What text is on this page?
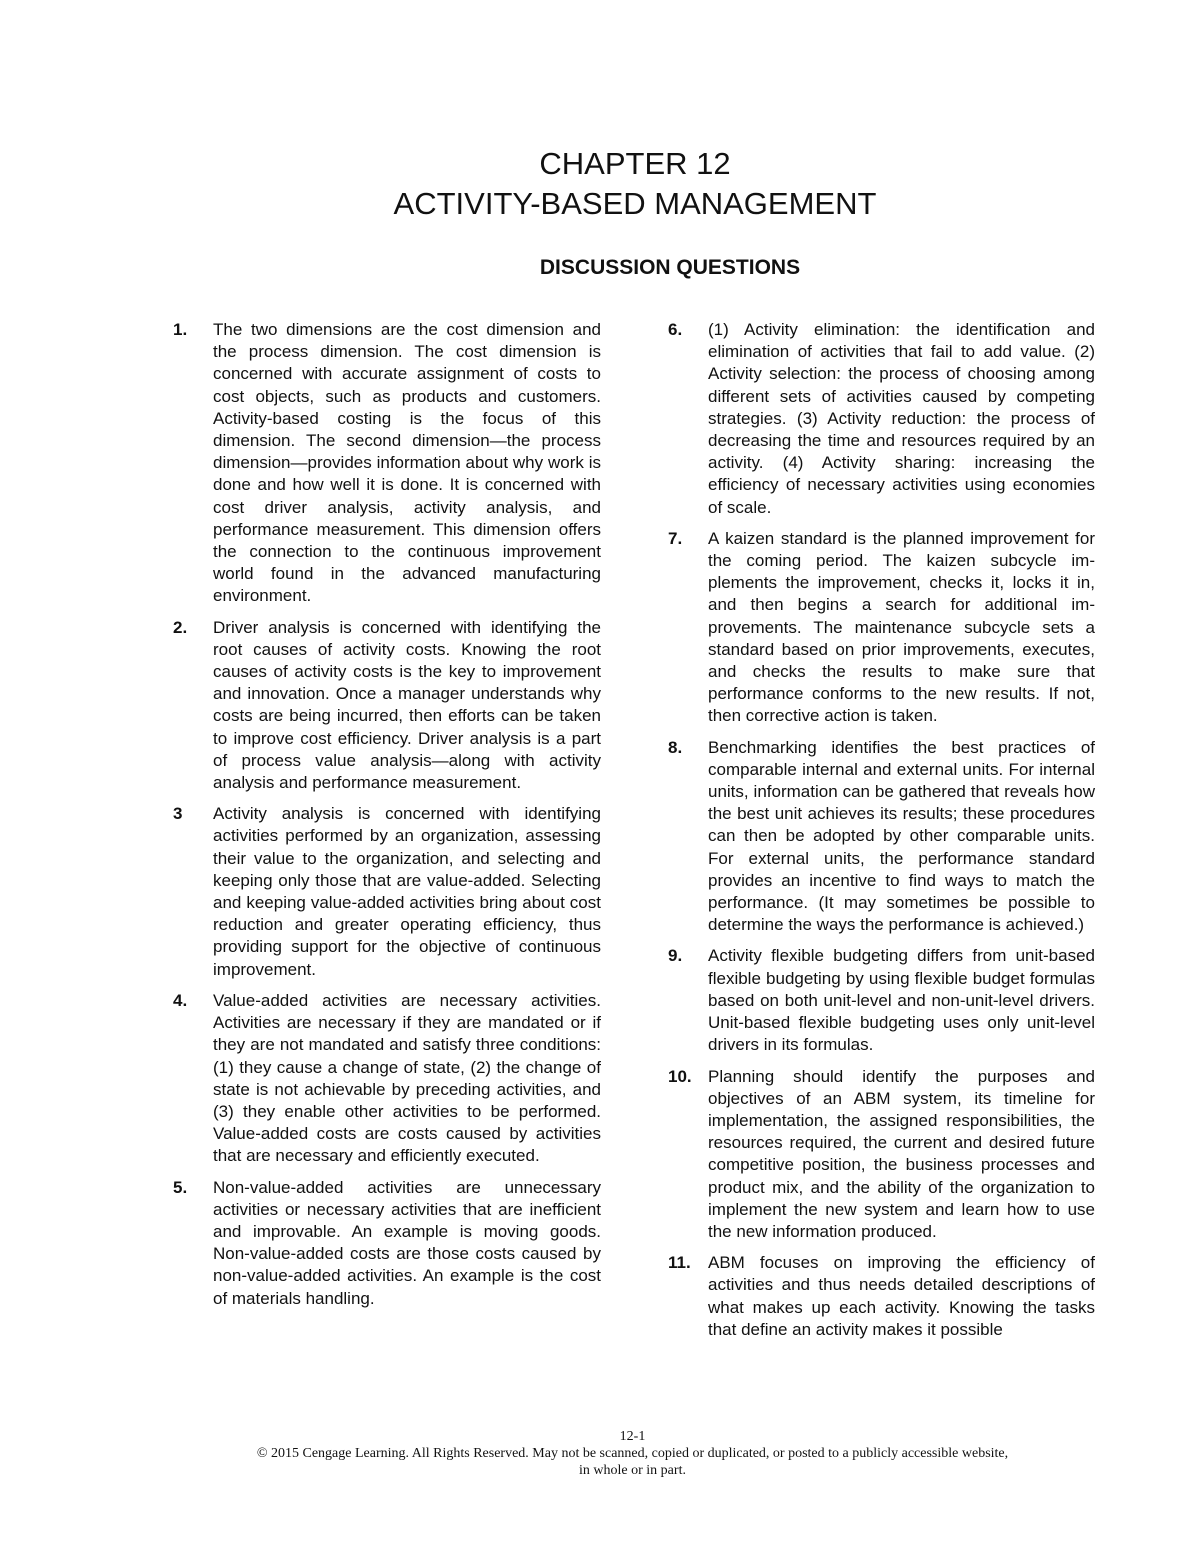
CHAPTER 12
ACTIVITY-BASED MANAGEMENT
DISCUSSION QUESTIONS
1.	The two dimensions are the cost dimension and the process dimension. The cost dimension is concerned with accurate assignment of costs to cost objects, such as products and customers. Activity-based costing is the focus of this dimension. The second dimension—the process dimension—provides information about why work is done and how well it is done. It is concerned with cost driver analysis, activity analysis, and performance measurement. This dimension offers the connection to the continuous improvement world found in the advanced manufacturing environment.
2.	Driver analysis is concerned with identifying the root causes of activity costs. Knowing the root causes of activity costs is the key to improvement and innovation. Once a manager understands why costs are being incurred, then efforts can be taken to improve cost efficiency. Driver analysis is a part of process value analysis—along with activity analysis and performance measurement.
3	Activity analysis is concerned with identifying activities performed by an organization, assessing their value to the organization, and selecting and keeping only those that are value-added. Selecting and keeping value-added activities bring about cost reduction and greater operating efficiency, thus providing support for the objective of continuous improvement.
4.	Value-added activities are necessary activities. Activities are necessary if they are mandated or if they are not mandated and satisfy three conditions: (1) they cause a change of state, (2) the change of state is not achievable by preceding activities, and (3) they enable other activities to be performed. Value-added costs are costs caused by activities that are necessary and efficiently executed.
5.	Non-value-added activities are unnecessary activities or necessary activities that are inefficient and improvable. An example is moving goods. Non-value-added costs are those costs caused by non-value-added activities. An example is the cost of materials handling.
6.	(1) Activity elimination: the identification and elimination of activities that fail to add value. (2) Activity selection: the process of choosing among different sets of activities caused by competing strategies. (3) Activity reduction: the process of decreasing the time and resources required by an activity. (4) Activity sharing: increasing the efficiency of necessary activities using economies of scale.
7.	A kaizen standard is the planned improvement for the coming period. The kaizen subcycle implements the improvement, checks it, locks it in, and then begins a search for additional improvements. The maintenance subcycle sets a standard based on prior improvements, executes, and checks the results to make sure that performance conforms to the new results. If not, then corrective action is taken.
8.	Benchmarking identifies the best practices of comparable internal and external units. For internal units, information can be gathered that reveals how the best unit achieves its results; these procedures can then be adopted by other comparable units. For external units, the performance standard provides an incentive to find ways to match the performance. (It may sometimes be possible to determine the ways the performance is achieved.)
9.	Activity flexible budgeting differs from unit-based flexible budgeting by using flexible budget formulas based on both unit-level and non-unit-level drivers. Unit-based flexible budgeting uses only unit-level drivers in its formulas.
10. Planning should identify the purposes and objectives of an ABM system, its timeline for implementation, the assigned responsibilities, the resources required, the current and desired future competitive position, the business processes and product mix, and the ability of the organization to implement the new system and learn how to use the new information produced.
11.	ABM focuses on improving the efficiency of activities and thus needs detailed descriptions of what makes up each activity. Knowing the tasks that define an activity makes it possible
12-1
© 2015 Cengage Learning. All Rights Reserved. May not be scanned, copied or duplicated, or posted to a publicly accessible website, in whole or in part.
